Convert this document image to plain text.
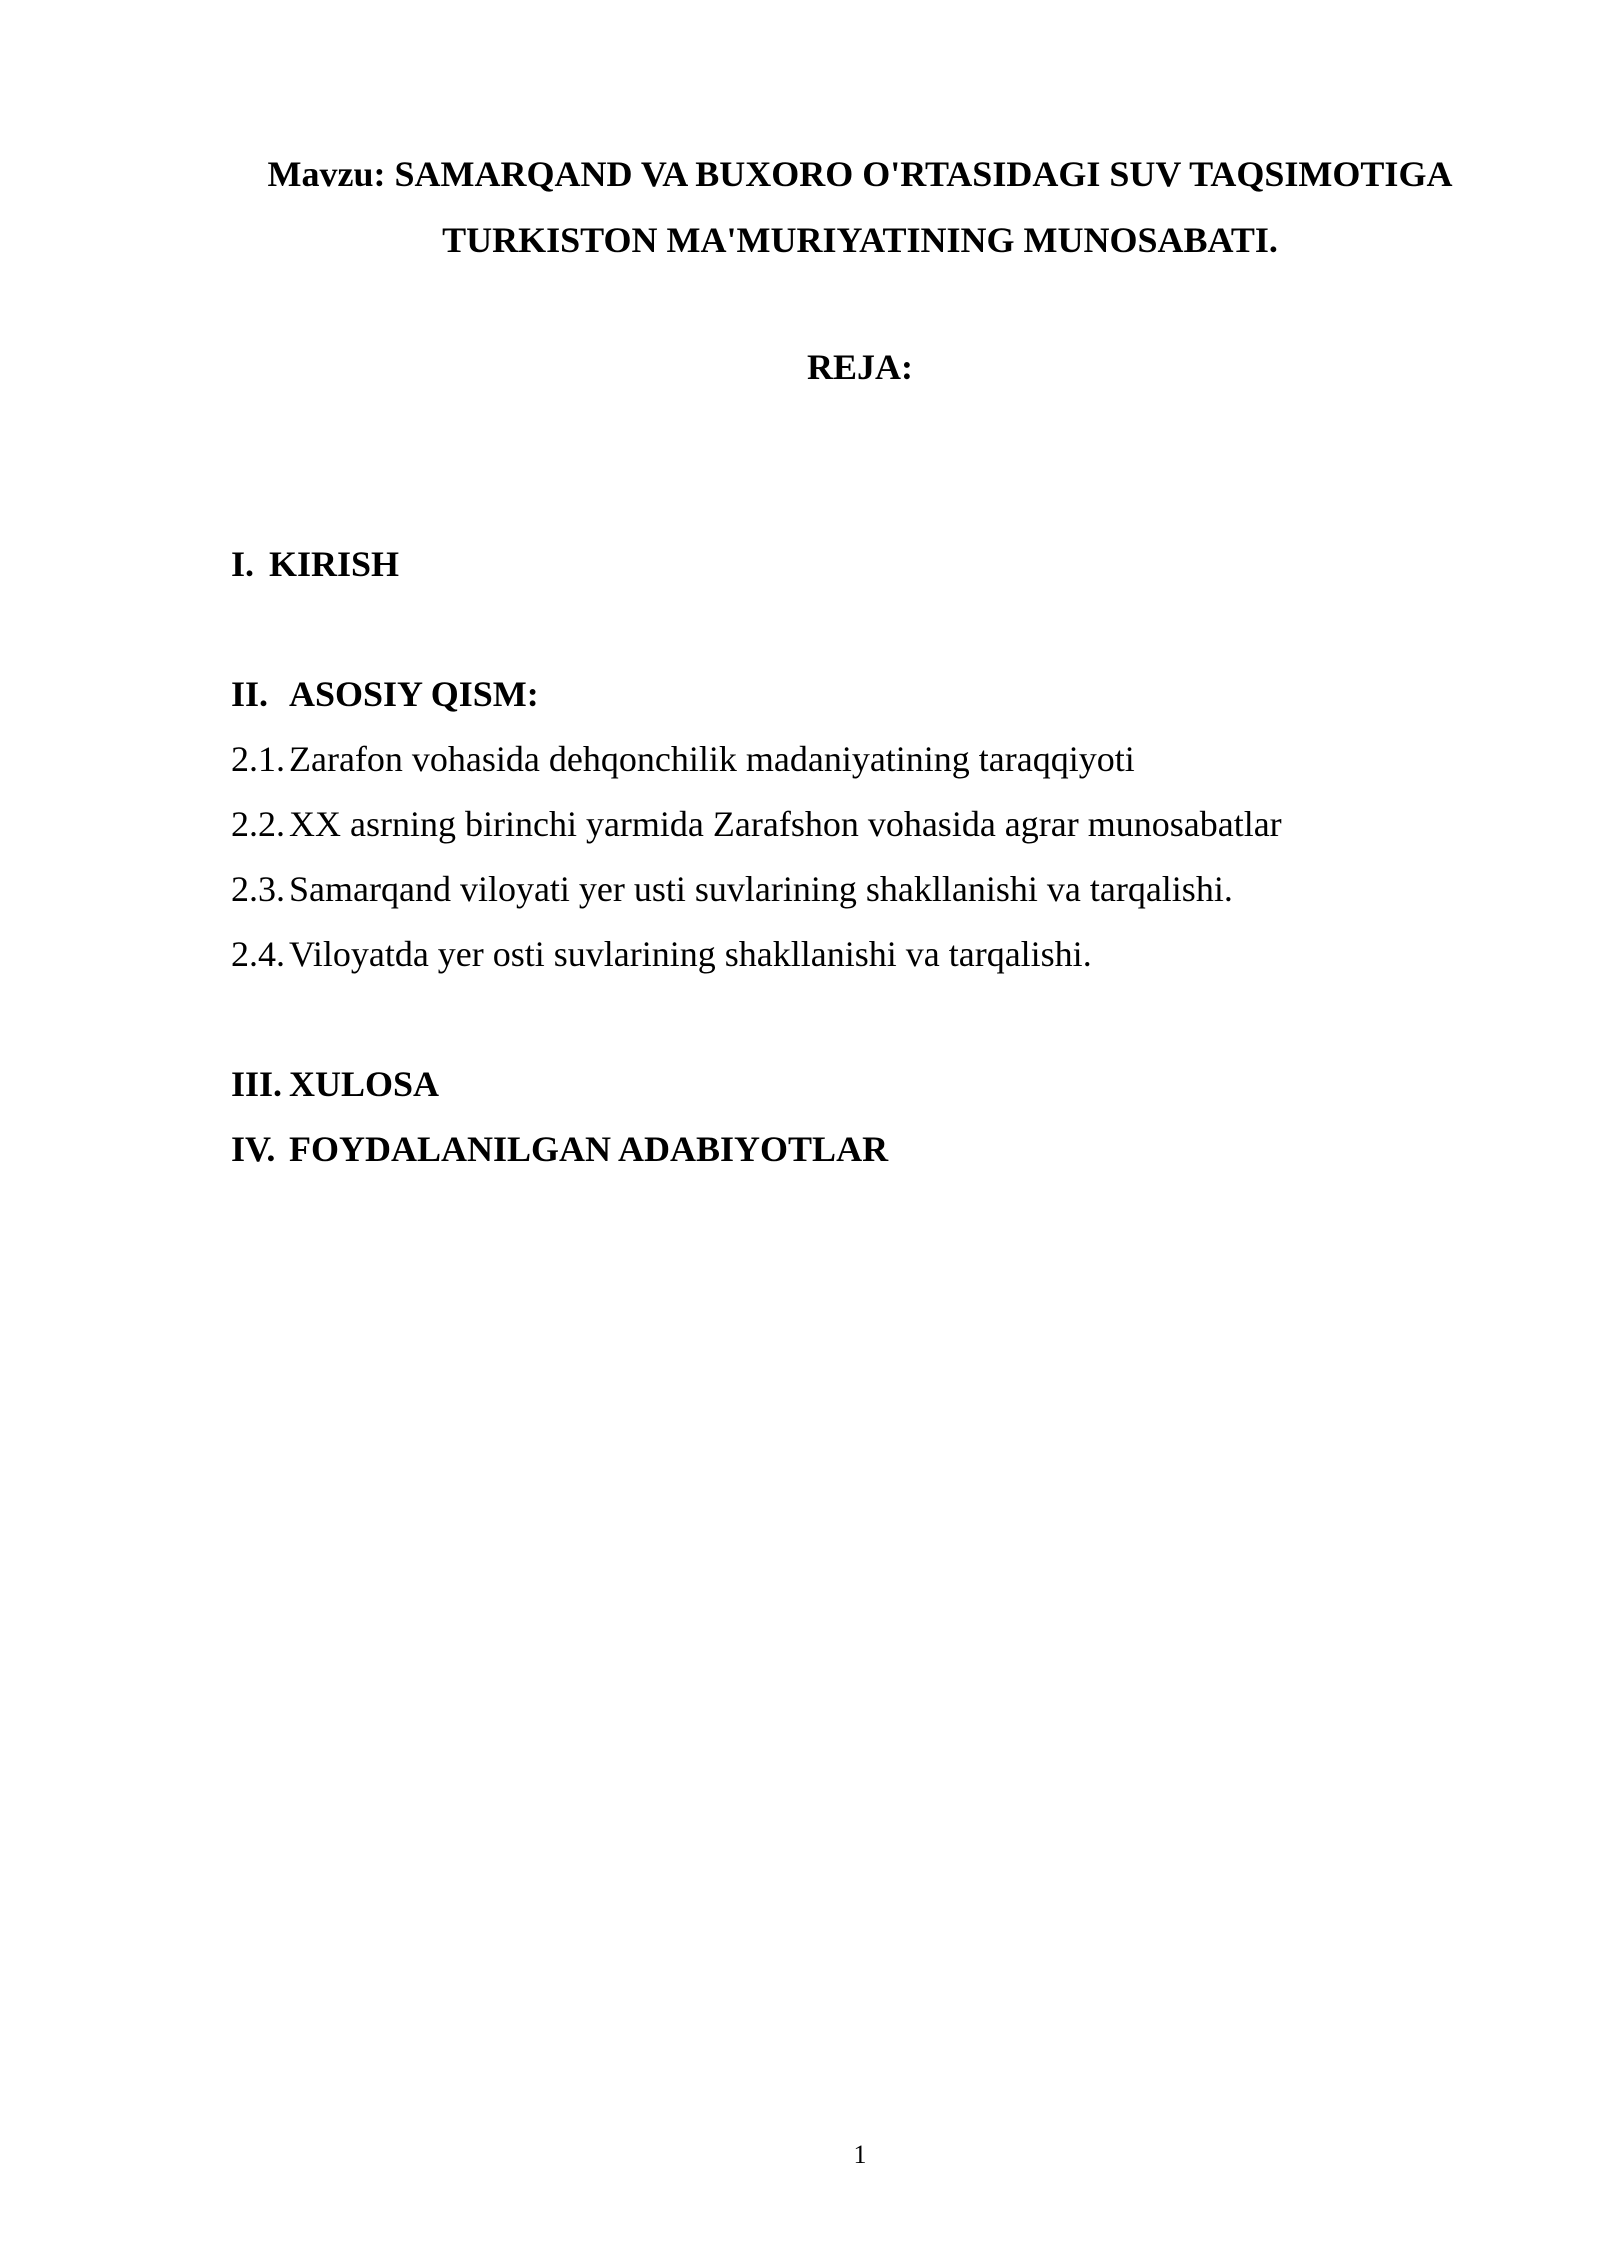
Mavzu: SAMARQAND VA BUXORO O'RTASIDAGI SUV TAQSIMOTIGA
TURKISTON MA'MURIYATINING MUNOSABATI.
REJA:
I. KIRISH
II. ASOSIY QISM:
2.1. Zarafon vohasida dehqonchilik madaniyatining taraqqiyoti
2.2. XX asrning birinchi yarmida Zarafshon vohasida agrar munosabatlar
2.3. Samarqand viloyati yer usti suvlarining shakllanishi va tarqalishi.
2.4. Viloyatda yer osti suvlarining shakllanishi va tarqalishi.
III. XULOSA
IV. FOYDALANILGAN ADABIYOTLAR
1
